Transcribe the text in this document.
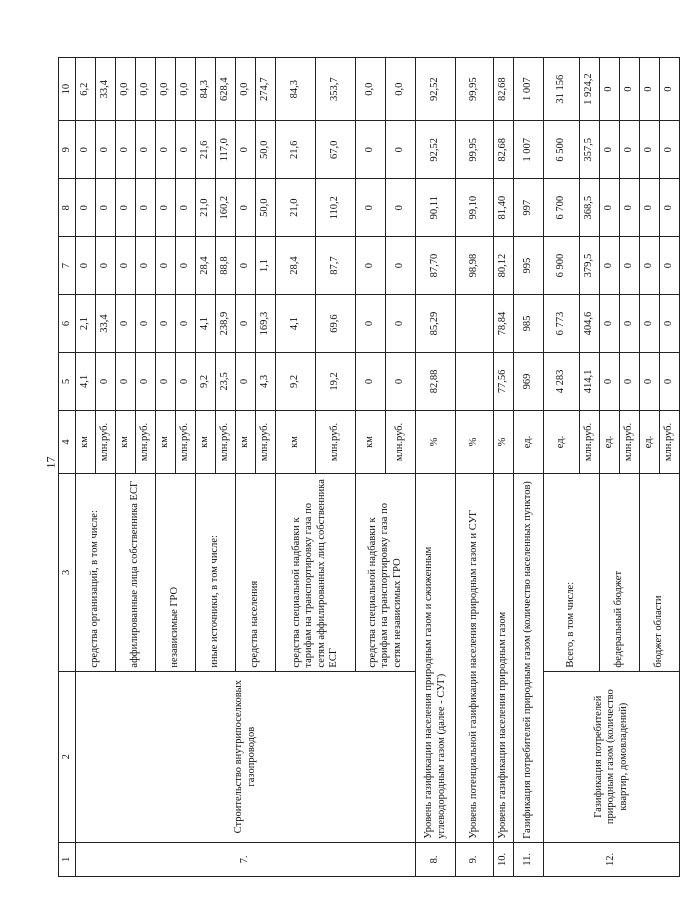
17
1	2	3	4	5	6	7	8	9	10
7.	Строительство внутрипоселковых газопроводов	средства организаций, в том числе:	км	4,1	2,1	0	0	0	6,2
			млн.руб.	0	33,4	0	0	0	33,4
		аффилированные лица собственника ЕСГ	км	0	0	0	0	0	0,0
			млн.руб.	0	0	0	0	0	0,0
		независимые ГРО	км	0	0	0	0	0	0,0
			млн.руб.	0	0	0	0	0	0,0
		иные источники, в том числе:	км	9,2	4,1	28,4	21,0	21,6	84,3
			млн.руб.	23,5	238,9	88,8	160,2	117,0	628,4
		средства населения	км	0	0	0	0	0	0,0
			млн.руб.	4,3	169,3	1,1	50,0	50,0	274,7
		средства специальной надбавки к тарифам на транспортировку газа по сетям аффилированных лиц собственника ЕСГ	км	9,2	4,1	28,4	21,0	21,6	84,3
			млн.руб.	19,2	69,6	87,7	110,2	67,0	353,7
		средства специальной надбавки к тарифам на транспортировку газа по сетям независимых ГРО	км	0	0	0	0	0	0,0
			млн.руб.	0	0	0	0	0	0,0
8.	Уровень газификации населения природным газом и сжиженным углеводородным газом (далее - СУГ)		%	82,88	85,29	87,70	90,11	92,52	92,52
9.	Уровень потенциальной газификации населения природным газом и СУГ		%			98,98	99,10	99,95	99,95
10.	Уровень газификации населения природным газом		%	77,56	78,84	80,12	81,40	82,68	82,68
11.	Газификация потребителей природным газом (количество населенных пунктов)		ед.	969	985	995	997	1 007	1 007
12.	Газификация потребителей природным газом (количество квартир, домовладений)	Всего, в том числе:	ед.	4 283	6 773	6 900	6 700	6 500	31 156
			млн.руб.	414,1	404,6	379,5	368,5	357,5	1 924,2
		федеральный бюджет	ед.	0	0	0	0	0	0
			млн.руб.	0	0	0	0	0	0
		бюджет области	ед.	0	0	0	0	0	0
			млн.руб.	0	0	0	0	0	0
